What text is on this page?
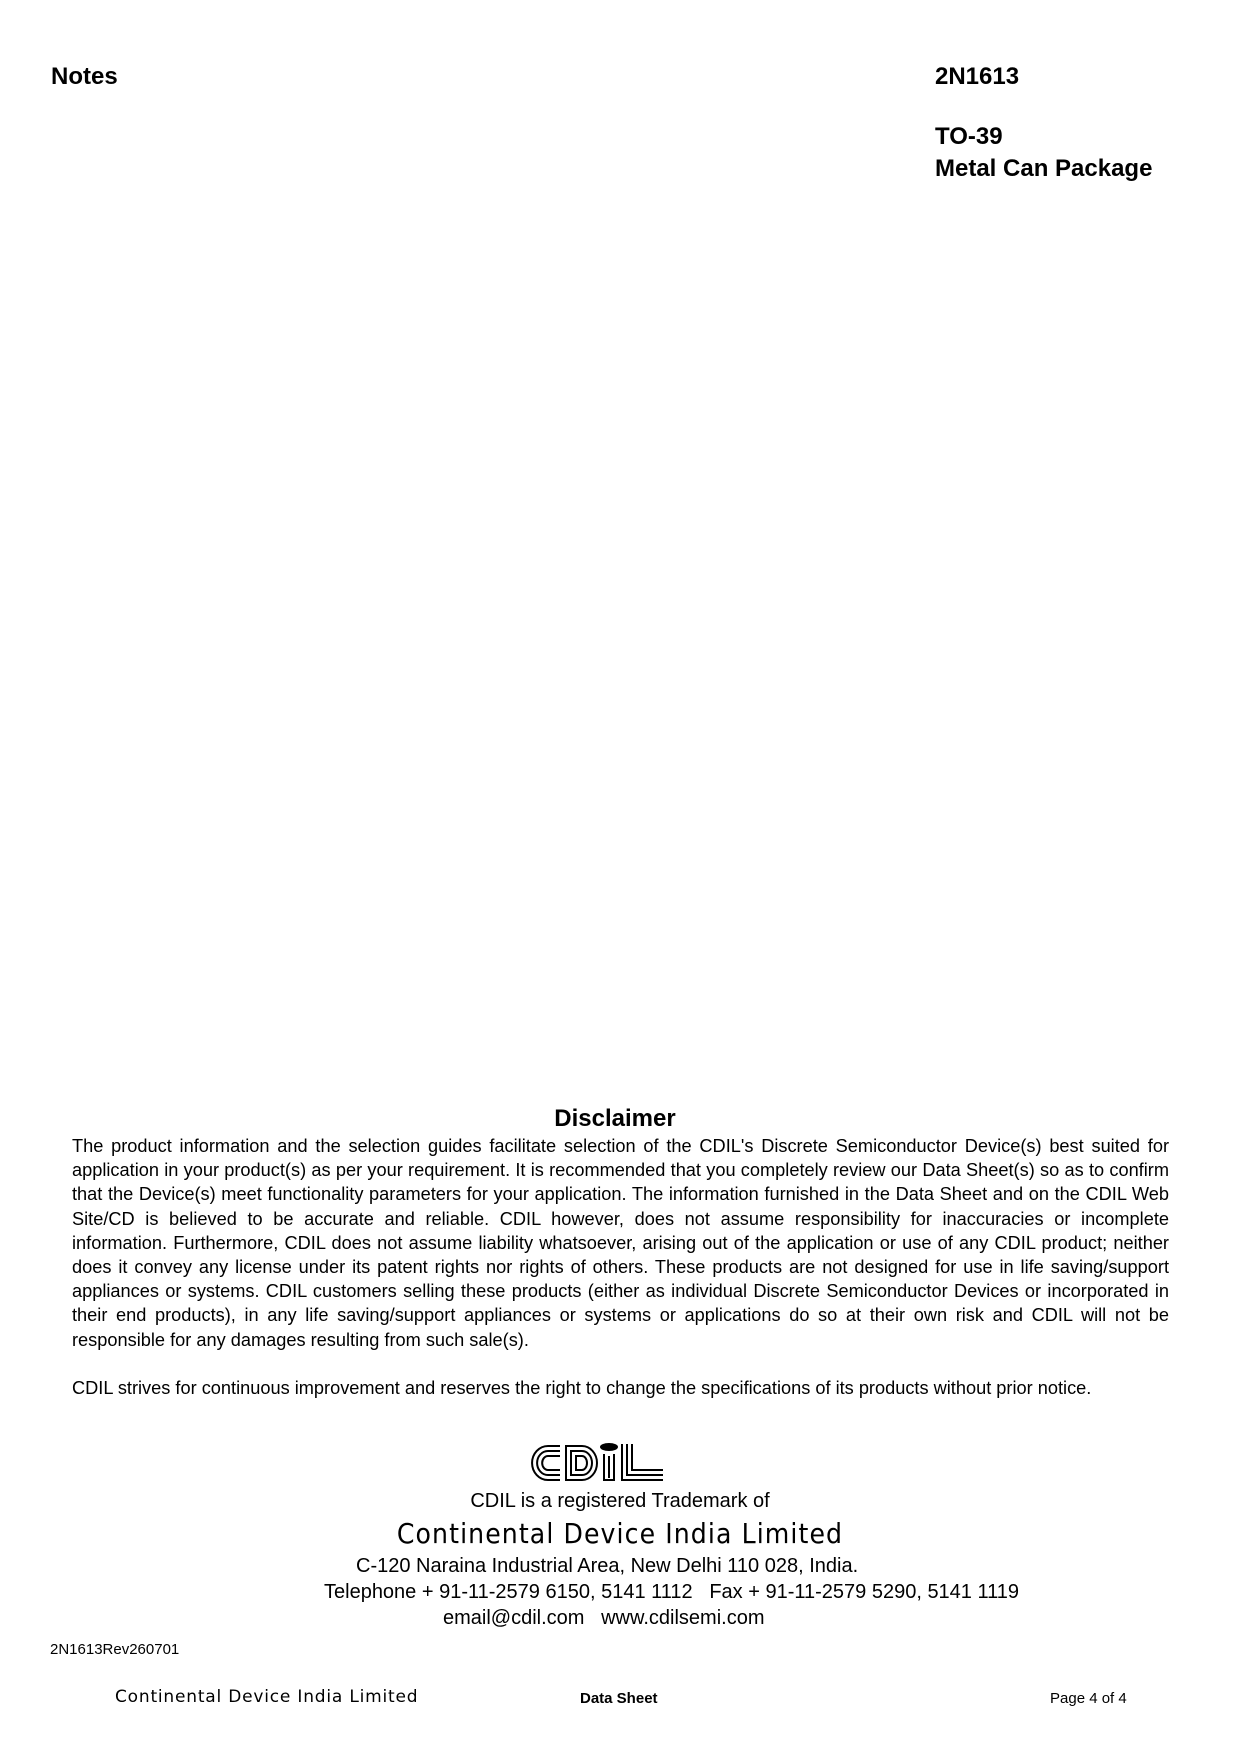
Notes	2N1613
TO-39
Metal Can Package
Disclaimer

The product information and the selection guides facilitate selection of the CDIL's Discrete Semiconductor Device(s) best suited for application in your product(s) as per your requirement. It is recommended that you completely review our Data Sheet(s) so as to confirm that the Device(s) meet functionality parameters for your application. The information furnished in the Data Sheet and on the CDIL Web Site/CD is believed to be accurate and reliable. CDIL however, does not assume responsibility for inaccuracies or incomplete information. Furthermore, CDIL does not assume liability whatsoever, arising out of the application or use of any CDIL product; neither does it convey any license under its patent rights nor rights of others. These products are not designed for use in life saving/support appliances or systems. CDIL customers selling these products (either as individual Discrete Semiconductor Devices or incorporated in their end products), in any life saving/support appliances or systems or applications do so at their own risk and CDIL will not be responsible for any damages resulting from such sale(s).

CDIL strives for continuous improvement and reserves the right to change the specifications of its products without prior notice.

CDIL is a registered Trademark of
Continental Device India Limited
C-120 Naraina Industrial Area, New Delhi 110 028, India.
Telephone + 91-11-2579 6150, 5141 1112   Fax + 91-11-2579 5290, 5141 1119
email@cdil.com   www.cdilsemi.com
2N1613Rev260701
Continental Device India Limited	Data Sheet	Page 4 of 4
